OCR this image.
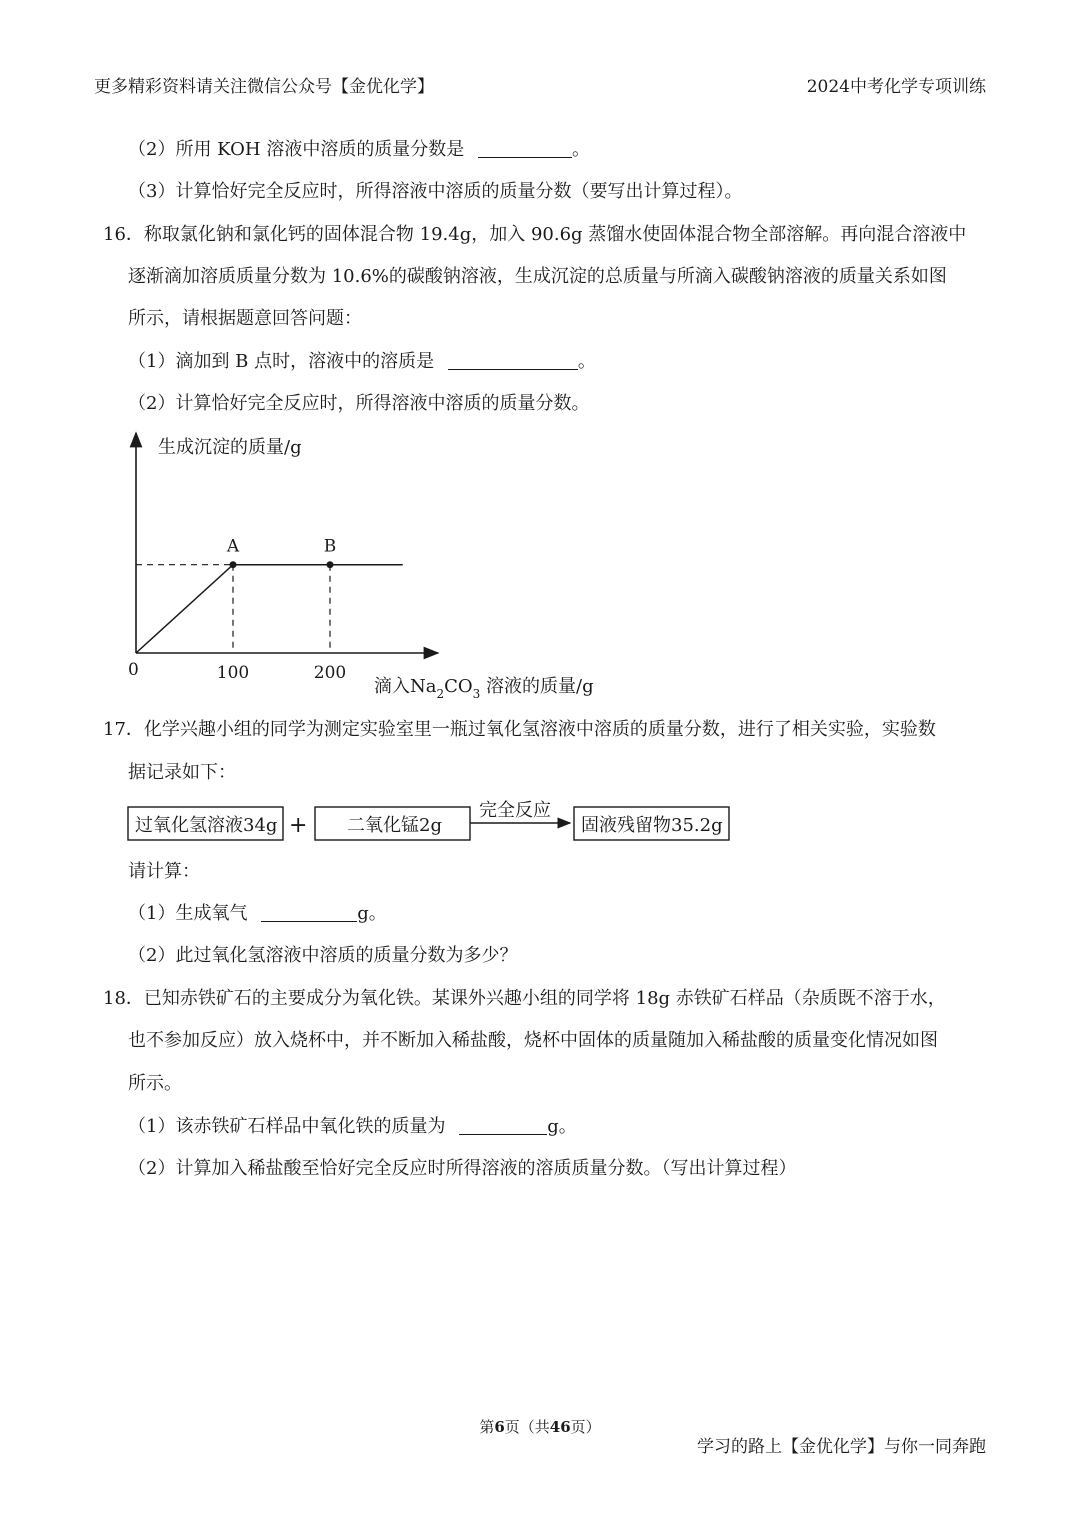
更多精彩资料请关注微信公众号【金优化学】	2024中考化学专项训练
（2）所用 KOH 溶液中溶质的质量分数是	。
（3）计算恰好完全反应时，所得溶液中溶质的质量分数（要写出计算过程）。
16．称取氯化钠和氯化钙的固体混合物 19.4g，加入 90.6g 蒸馏水使固体混合物全部溶解。再向混合溶液中
逐渐滴加溶质质量分数为 10.6%的碳酸钠溶液，生成沉淀的总质量与所滴入碳酸钠溶液的质量关系如图
所示，请根据题意回答问题：
（1）滴加到 B 点时，溶液中的溶质是	。
（2）计算恰好完全反应时，所得溶液中溶质的质量分数。
生成沉淀的质量/g
0
A	B
100	200
滴入$Na_2CO_3$ 溶液的质量/g
17．化学兴趣小组的同学为测定实验室里一瓶过氧化氢溶液中溶质的质量分数，进行了相关实验，实验数
据记录如下：
过氧化氢溶液34g + 二氧化锰2g
完全反应
固液残留物35.2g
请计算：
（1）生成氧气	g。
（2）此过氧化氢溶液中溶质的质量分数为多少？
18．已知赤铁矿石的主要成分为氧化铁。某课外兴趣小组的同学将 18g 赤铁矿石样品（杂质既不溶于水，
也不参加反应）放入烧杯中，并不断加入稀盐酸，烧杯中固体的质量随加入稀盐酸的质量变化情况如图
所示。
（1）该赤铁矿石样品中氧化铁的质量为	g。
（2）计算加入稀盐酸至恰好完全反应时所得溶液的溶质质量分数。（写出计算过程）
第6页（共46页）
学习的路上【金优化学】与你一同奔跑
